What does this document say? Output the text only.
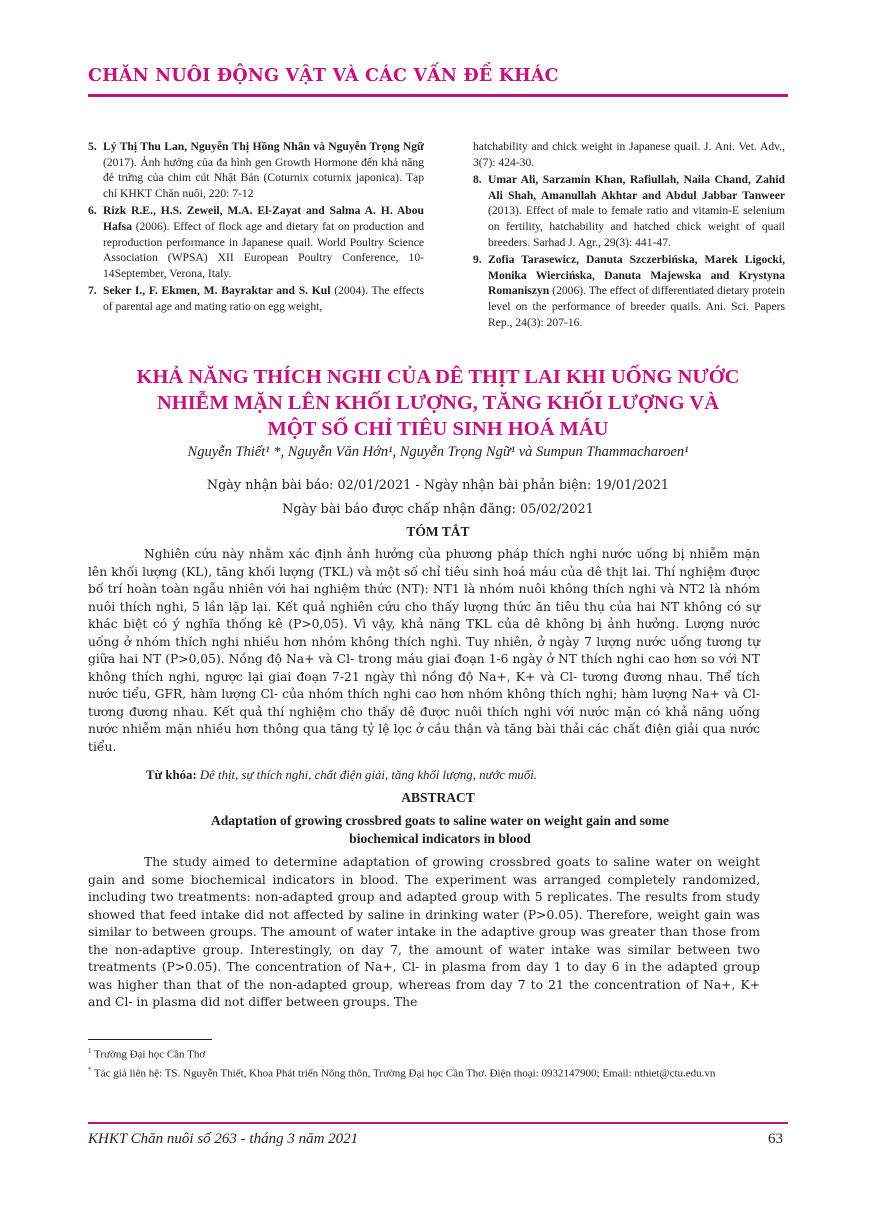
CHĂN NUÔI ĐỘNG VẬT VÀ CÁC VẤN ĐỀ KHÁC
5. Lý Thị Thu Lan, Nguyễn Thị Hồng Nhân và Nguyễn Trọng Ngữ (2017). Ảnh hưởng của đa hình gen Growth Hormone đến khả năng đẻ trứng của chim cút Nhật Bản (Coturnix coturnix japonica). Tạp chí KHKT Chăn nuôi, 220: 7-12
6. Rizk R.E., H.S. Zeweil, M.A. El-Zayat and Salma A. H. Abou Hafsa (2006). Effect of flock age and dietary fat on production and reproduction performance in Japanese quail. World Poultry Science Association (WPSA) XII European Poultry Conference, 10-14September, Verona, Italy.
7. Seker I., F. Ekmen, M. Bayraktar and S. Kul (2004). The effects of parental age and mating ratio on egg weight,
hatchability and chick weight in Japanese quail. J. Ani. Vet. Adv., 3(7): 424-30.
8. Umar Ali, Sarzamin Khan, Rafiullah, Naila Chand, Zahid Ali Shah, Amanullah Akhtar and Abdul Jabbar Tanweer (2013). Effect of male to female ratio and vitamin-E selenium on fertility, hatchability and hatched chick weight of quail breeders. Sarhad J. Agr., 29(3): 441-47.
9. Zofia Tarasewicz, Danuta Szczerbińska, Marek Ligocki, Monika Wiercińska, Danuta Majewska and Krystyna Romaniszyn (2006). The effect of differentiated dietary protein level on the performance of breeder quails. Ani. Sci. Papers Rep., 24(3): 207-16.
KHẢ NĂNG THÍCH NGHI CỦA DÊ THỊT LAI KHI UỐNG NƯỚC
NHIỄM MẶN LÊN KHỐI LƯỢNG, TĂNG KHỐI LƯỢNG VÀ
MỘT SỐ CHỈ TIÊU SINH HOÁ MÁU
Nguyễn Thiết¹ *, Nguyễn Văn Hớn¹, Nguyễn Trọng Ngữ¹ và Sumpun Thammacharoen¹
Ngày nhận bài báo: 02/01/2021 - Ngày nhận bài phản biện: 19/01/2021
Ngày bài báo được chấp nhận đăng: 05/02/2021
TÓM TẮT
Nghiên cứu này nhằm xác định ảnh hưởng của phương pháp thích nghi nước uống bị nhiễm mặn lên khối lượng (KL), tăng khối lượng (TKL) và một số chỉ tiêu sinh hoá máu của dê thịt lai. Thí nghiệm được bố trí hoàn toàn ngẫu nhiên với hai nghiệm thức (NT): NT1 là nhóm nuôi không thích nghi và NT2 là nhóm nuôi thích nghi, 5 lần lặp lại. Kết quả nghiên cứu cho thấy lượng thức ăn tiêu thụ của hai NT không có sự khác biệt có ý nghĩa thống kê (P>0,05). Vì vậy, khả năng TKL của dê không bị ảnh hưởng. Lượng nước uống ở nhóm thích nghi nhiều hơn nhóm không thích nghi. Tuy nhiên, ở ngày 7 lượng nước uống tương tự giữa hai NT (P>0,05). Nồng độ Na+ và Cl- trong máu giai đoạn 1-6 ngày ở NT thích nghi cao hơn so với NT không thích nghi, ngược lại giai đoạn 7-21 ngày thì nồng độ Na+, K+ và Cl- tương đương nhau. Thể tích nước tiểu, GFR, hàm lượng Cl- của nhóm thích nghi cao hơn nhóm không thích nghi; hàm lượng Na+ và Cl- tương đương nhau. Kết quả thí nghiệm cho thấy dê được nuôi thích nghi với nước mặn có khả năng uống nước nhiễm mặn nhiều hơn thông qua tăng tỷ lệ lọc ở cầu thận và tăng bài thải các chất điện giải qua nước tiểu.
Từ khóa: Dê thịt, sự thích nghi, chất điện giải, tăng khối lượng, nước muối.
ABSTRACT
Adaptation of growing crossbred goats to saline water on weight gain and some
biochemical indicators in blood
The study aimed to determine adaptation of growing crossbred goats to saline water on weight gain and some biochemical indicators in blood. The experiment was arranged completely randomized, including two treatments: non-adapted group and adapted group with 5 replicates. The results from study showed that feed intake did not affected by saline in drinking water (P>0.05). Therefore, weight gain was similar to between groups. The amount of water intake in the adaptive group was greater than those from the non-adaptive group. Interestingly, on day 7, the amount of water intake was similar between two treatments (P>0.05). The concentration of Na+, Cl- in plasma from day 1 to day 6 in the adapted group was higher than that of the non-adapted group, whereas from day 7 to 21 the concentration of Na+, K+ and Cl- in plasma did not differ between groups. The
$^1$ Trường Đại học Cần Thơ
* Tác giả liên hệ: TS. Nguyễn Thiết, Khoa Phát triển Nông thôn, Trường Đại học Cần Thơ. Điện thoại: 0932147900; Email: nthiet@ctu.edu.vn
KHKT Chăn nuôi số 263 - tháng 3 năm 2021	63
